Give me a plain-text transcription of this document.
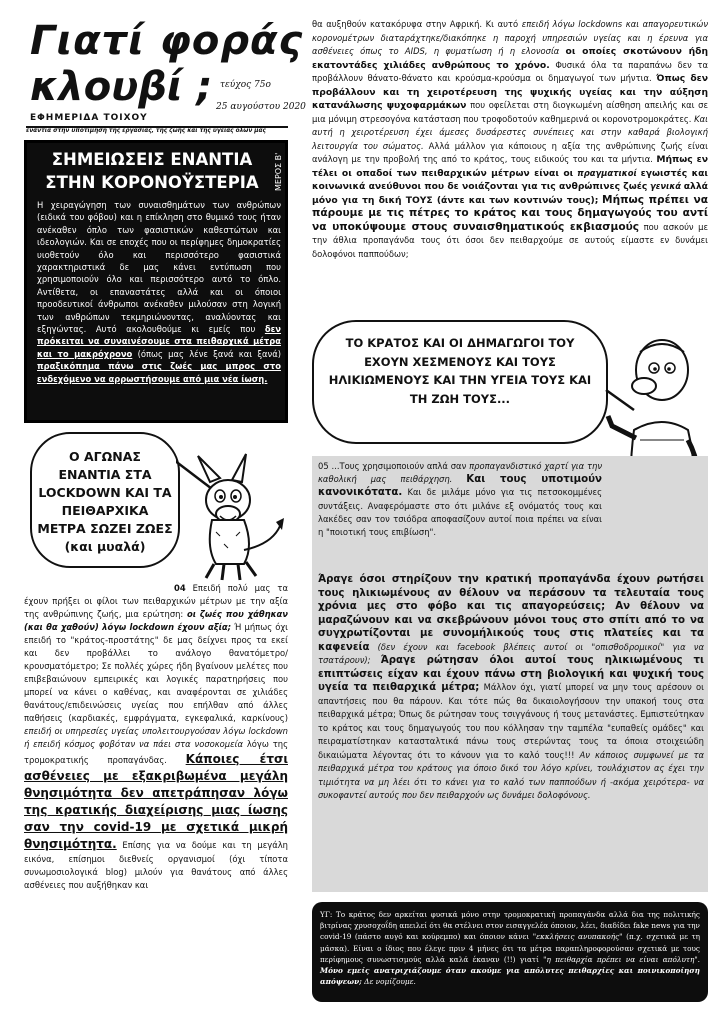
Γιατί φοράς
κλουβί ; τεύχος 75ο
25 αυγούστου 2020
ΕΦΗΜΕΡΙΔΑ ΤΟΙΧΟΥ
ενάντια στην υποτίμηση της εργασίας, της ζωής και της υγείας όλων μας
ΣΗΜΕΙΩΣΕΙΣ ΕΝΑΝΤΙΑ ΣΤΗΝ ΚΟΡΟΝΟΫΣΤΕΡΙΑ	ΜΕΡΟΣ Β'
Η χειραγώγηση των συναισθημάτων των ανθρώπων (ειδικά του φόβου) και η επίκληση στο θυμικό τους ήταν ανέκαθεν όπλο των φασιστικών καθεστώτων και ιδεολογιών. Και σε εποχές που οι περίφημες δημοκρατίες υιοθετούν όλο και περισσότερο φασιστικά χαρακτηριστικά δε μας κάνει εντύπωση που χρησιμοποιούν όλο και περισσότερο αυτό το όπλο. Αντίθετα, οι επαναστάτες αλλά και οι όποιοι προοδευτικοί άνθρωποι ανέκαθεν μιλούσαν στη λογική των ανθρώπων τεκμηριώνοντας, αναλύοντας και εξηγώντας. Αυτό ακολουθούμε κι εμείς που δεν πρόκειται να συναινέσουμε στα πειθαρχικά μέτρα και το μακρόχρονο (όπως μας λένε ξανά και ξανά) πραξικόπημα πάνω στις ζωές μας μπρος στο ενδεχόμενο να αρρωστήσουμε από μια νέα ίωση.
Ο ΑΓΩΝΑΣ ΕΝΑΝΤΙΑ ΣΤΑ LOCKDOWN ΚΑΙ ΤΑ ΠΕΙΘΑΡΧΙΚΑ ΜΕΤΡΑ ΣΩΖΕΙ ΖΩΕΣ
(και μυαλά)

04 Επειδή πολύ μας τα έχουν πρήξει οι φίλοι των πειθαρχικών μέτρων με την αξία της ανθρώπινης ζωής, μια ερώτηση: οι ζωές που χάθηκαν (και θα χαθούν) λόγω lockdown έχουν αξία; Ή μήπως όχι επειδή το "κράτος-προστάτης" δε μας δείχνει προς τα εκεί και δεν προβάλλει το ανάλογο θανατόμετρο/κρουσματόμετρο; Σε πολλές χώρες ήδη βγαίνουν μελέτες που επιβεβαιώνουν εμπειρικές και λογικές παρατηρήσεις που μπορεί να κάνει ο καθένας, και αναφέρονται σε χιλιάδες θανάτους/επιδεινώσεις υγείας που επήλθαν από άλλες παθήσεις (καρδιακές, εμφράγματα, εγκεφαλικά, καρκίνους) επειδή οι υπηρεσίες υγείας υπολειτουργούσαν λόγω lockdown ή επειδή κόσμος φοβόταν να πάει στα νοσοκομεία λόγω της τρομοκρατικής προπαγάνδας. Κάποιες έτσι ασθένειες με εξακριβωμένα μεγάλη θνησιμότητα δεν απετράπησαν λόγω της κρατικής διαχείρισης μιας ίωσης σαν την covid-19 με σχετικά μικρή θνησιμότητα. Επίσης για να δούμε και τη μεγάλη εικόνα, επίσημοι διεθνείς οργανισμοί (όχι τίποτα συνωμοσιολογικά blog) μιλούν για θανάτους από άλλες ασθένειες που αυξήθηκαν και

θα αυξηθούν κατακόρυφα στην Αφρική. Κι αυτό επειδή λόγω lockdowns και απαγορευτικών κορονομέτρων διαταράχτηκε/διακόπηκε η παροχή υπηρεσιών υγείας και η έρευνα για ασθένειες όπως το AIDS, η φυματίωση ή η ελονοσία οι οποίες σκοτώνουν ήδη εκατοντάδες χιλιάδες ανθρώπους το χρόνο. Φυσικά όλα τα παραπάνω δεν τα προβάλλουν θάνατο-θάνατο και κρούσμα-κρούσμα οι δημαγωγοί των μήντια. Όπως δεν προβάλλουν και τη χειροτέρευση της ψυχικής υγείας και την αύξηση κατανάλωσης ψυχοφαρμάκων που οφείλεται στη διογκωμένη αίσθηση απειλής και σε μια μόνιμη στρεσογόνα κατάσταση που τροφοδοτούν καθημερινά οι κορονοτρομοκράτες. Και αυτή η χειροτέρευση έχει άμεσες δυσάρεστες συνέπειες και στην καθαρά βιολογική λειτουργία του σώματος. Αλλά μάλλον για κάποιους η αξία της ανθρώπινης ζωής είναι ανάλογη με την προβολή της από το κράτος, τους ειδικούς του και τα μήντια. Μήπως εν τέλει οι οπαδοί των πειθαρχικών μέτρων είναι οι πραγματικοί εγωιστές και κοινωνικά ανεύθυνοι που δε νοιάζονται για τις ανθρώπινες ζωές γενικά αλλά μόνο για τη δική ΤΟΥΣ (άντε και των κοντινών τους); Μήπως πρέπει να πάρουμε με τις πέτρες το κράτος και τους δημαγωγούς του αντί να υποκύψουμε στους συναισθηματικούς εκβιασμούς που ασκούν με την άθλια προπαγάνδα τους ότι όσοι δεν πειθαρχούμε σε αυτούς είμαστε εν δυνάμει δολοφόνοι παππούδων;
ΤΟ ΚΡΑΤΟΣ ΚΑΙ ΟΙ ΔΗΜΑΓΩΓΟΙ ΤΟΥ ΕΧΟΥΝ ΧΕΣΜΕΝΟΥΣ ΚΑΙ ΤΟΥΣ ΗΛΙΚΙΩΜΕΝΟΥΣ ΚΑΙ ΤΗΝ ΥΓΕΙΑ ΤΟΥΣ ΚΑΙ ΤΗ ΖΩΗ ΤΟΥΣ...
05 ...Τους χρησιμοποιούν απλά σαν προπαγανδιστικό χαρτί για την καθολική μας πειθάρχηση. Και τους υποτιμούν κανονικότατα. Και δε μιλάμε μόνο για τις πετσοκομμένες συντάξεις. Αναφερόμαστε στο ότι μιλάνε εξ ονόματός τους και λακέδες σαν τον τσιόδρα αποφασίζουν αυτοί ποια πρέπει να είναι η "ποιοτική τους επιβίωση".
Άραγε όσοι στηρίζουν την κρατική προπαγάνδα έχουν ρωτήσει τους ηλικιωμένους αν θέλουν να περάσουν τα τελευταία τους χρόνια μες στο φόβο και τις απαγορεύσεις; Αν θέλουν να μαραζώνουν και να σκεβρώνουν μόνοι τους στο σπίτι από το να συγχρωτίζονται με συνομήλικούς τους στις πλατείες και τα καφενεία (δεν έχουν και facebook βλέπεις αυτοί οι "οπισθοδρομικοί" για να τσατάρουν); Άραγε ρώτησαν όλοι αυτοί τους ηλικιωμένους τι επιπτώσεις είχαν και έχουν πάνω στη βιολογική και ψυχική τους υγεία τα πειθαρχικά μέτρα; Μάλλον όχι, γιατί μπορεί να μην τους αρέσουν οι απαντήσεις που θα πάρουν. Και τότε πώς θα δικαιολογήσουν την υπακοή τους στα πειθαρχικά μέτρα; Όπως δε ρώτησαν τους τσιγγάνους ή τους μετανάστες. Εμπιστεύτηκαν το κράτος και τους δημαγωγούς του που κόλλησαν την ταμπέλα "ευπαθείς ομάδες" και πειραματίστηκαν κατασταλτικά πάνω τους στερώντας τους τα όποια στοιχειώδη δικαιώματα λέγοντας ότι το κάνουν για το καλό τους!!! Αν κάποιος συμφωνεί με τα πειθαρχικά μέτρα του κράτους για όποιο δικό του λόγο κρίνει, τουλάχιστον ας έχει την τιμιότητα να μη λέει ότι το κάνει για το καλό των παππούδων ή -ακόμα χειρότερα- να συκοφαντεί αυτούς που δεν πειθαρχούν ως δυνάμει δολοφόνους.
ΥΓ: Το κράτος δεν αρκείται φυσικά μόνο στην τρομοκρατική προπαγάνδα αλλά δια της πολιτικής βιτρίνας χρυσοχοΐδη απειλεί ότι θα στέλνει στον εισαγγελέα όποιον, λέει, διαδίδει fake news για την covid-19 (πάστο αυγό και κούρεμπο) και όποιον κάνει "εκκλήσεις ανυπακοής" (π.χ. σχετικά με τη μάσκα). Είναι ο ίδιος που έλεγε πριν 4 μήνες ότι τα μέτρα παραπληροφορούσαν σχετικά με τους περίφημους συνωστισμούς αλλά καλά έκαναν (!!) γιατί "η πειθαρχία πρέπει να είναι απόλυτη". Μόνο εμείς ανατριχιάζουμε όταν ακούμε για απόλυτες πειθαρχίες και ποινικοποίηση απόψεων; Δε νομίζουμε.
